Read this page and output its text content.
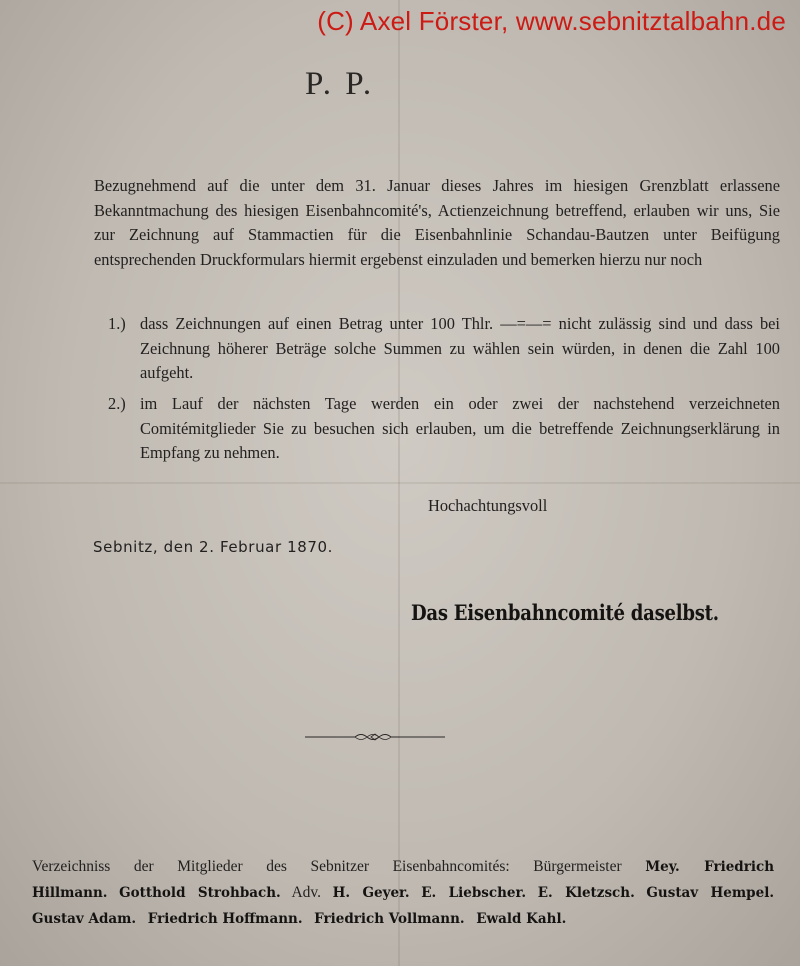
(C) Axel Förster, www.sebnitztalbahn.de
P. P.

Bezugnehmend auf die unter dem 31. Januar dieses Jahres im hiesigen Grenzblatt erlassene Bekanntmachung des hiesigen Eisenbahncomité's, Actienzeichnung betreffend, erlauben wir uns, Sie zur Zeichnung auf Stammactien für die Eisenbahnlinie Schandau-Bautzen unter Beifügung entsprechenden Druckformulars hiermit ergebenst einzuladen und bemerken hierzu nur noch

1.) dass Zeichnungen auf einen Betrag unter 100 Thlr. —=—= nicht zulässig sind und dass bei Zeichnung höherer Beträge solche Summen zu wählen sein würden, in denen die Zahl 100 aufgeht.
2.) im Lauf der nächsten Tage werden ein oder zwei der nachstehend verzeichneten Comitémitglieder Sie zu besuchen sich erlauben, um die betreffende Zeichnungserklärung in Empfang zu nehmen.
Hochachtungsvoll
Sebnitz, den 2. Februar 1870.
Das Eisenbahncomité daselbst.
Verzeichniss der Mitglieder des Sebnitzer Eisenbahncomités: Bürgermeister Mey. Friedrich
Hillmann. Gotthold Strohbach. Adv. H. Geyer. E. Liebscher. E. Kletzsch. Gustav Hempel.
Gustav Adam. Friedrich Hoffmann. Friedrich Vollmann. Ewald Kahl.
